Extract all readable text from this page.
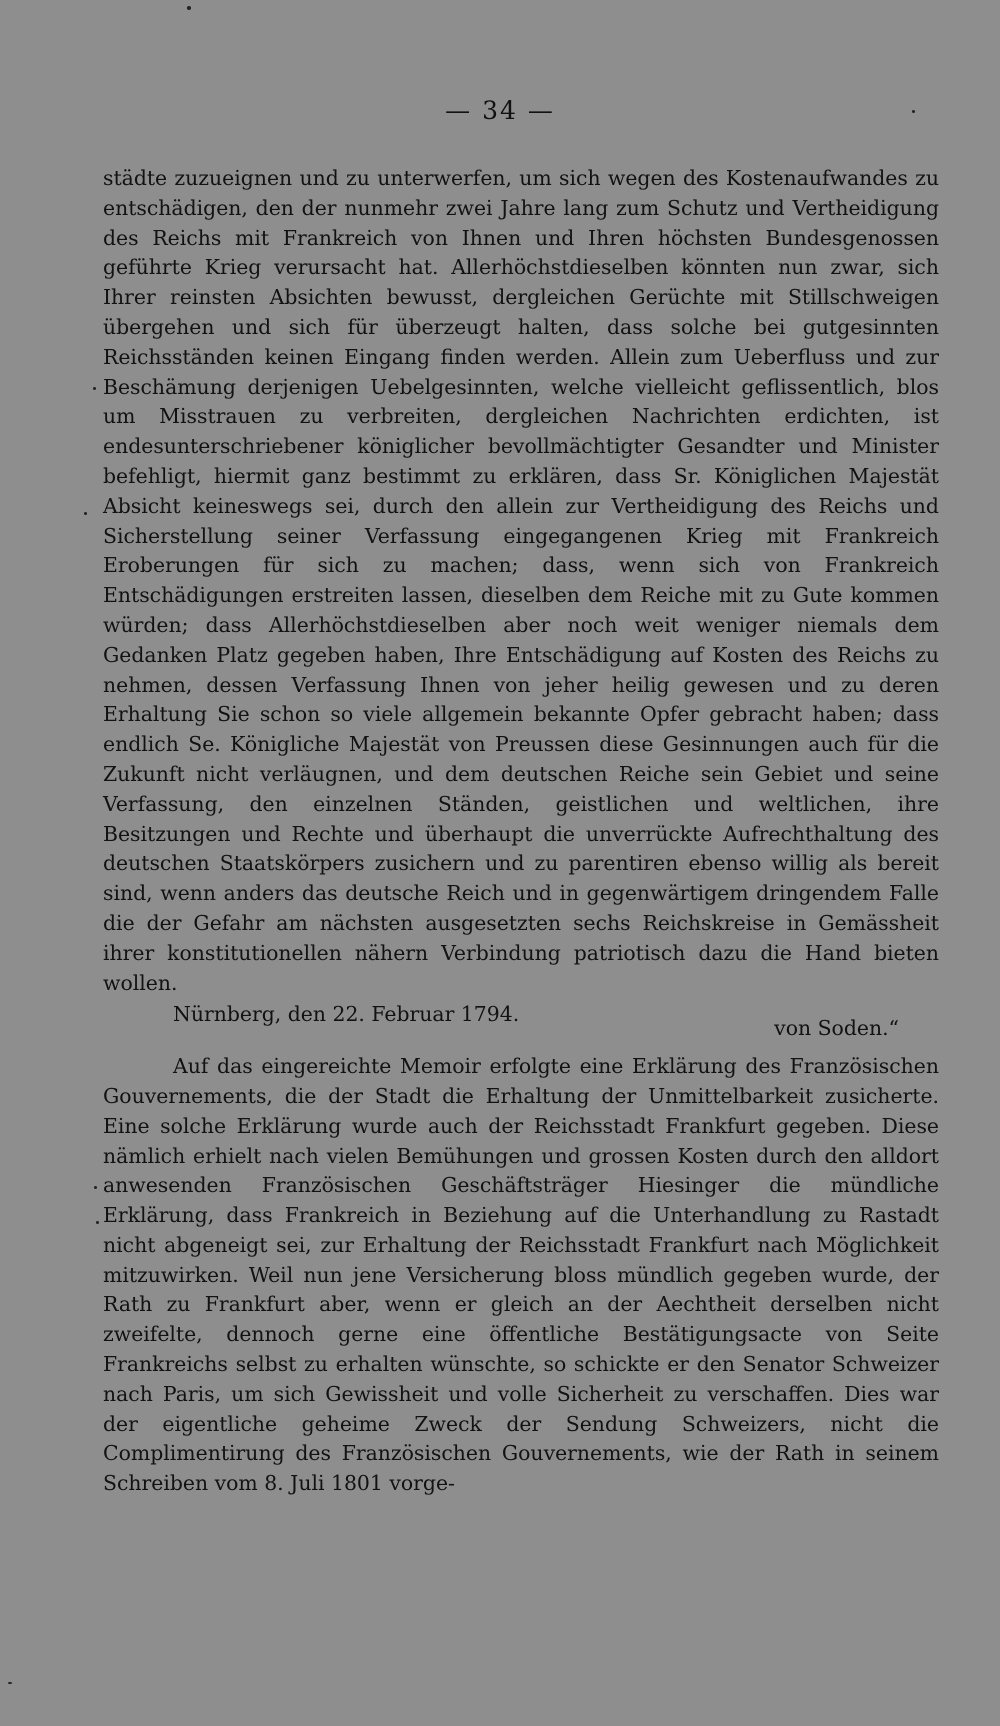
— 34 —

städte zuzueignen und zu unterwerfen, um sich wegen des Kostenaufwandes zu entschädigen, den der nunmehr zwei Jahre lang zum Schutz und Vertheidigung des Reichs mit Frankreich von Ihnen und Ihren höchsten Bundesgenossen geführte Krieg verursacht hat. Allerhöchstdieselben könnten nun zwar, sich Ihrer reinsten Absichten bewusst, dergleichen Gerüchte mit Stillschweigen übergehen und sich für überzeugt halten, dass solche bei gutgesinnten Reichsständen keinen Eingang finden werden. Allein zum Ueberfluss und zur Beschämung derjenigen Uebelgesinnten, welche vielleicht geflissentlich, blos um Misstrauen zu verbreiten, dergleichen Nachrichten erdichten, ist endesunterschriebener königlicher bevollmächtigter Gesandter und Minister befehligt, hiermit ganz bestimmt zu erklären, dass Sr. Königlichen Majestät Absicht keineswegs sei, durch den allein zur Vertheidigung des Reichs und Sicherstellung seiner Verfassung eingegangenen Krieg mit Frankreich Eroberungen für sich zu machen; dass, wenn sich von Frankreich Entschädigungen erstreiten lassen, dieselben dem Reiche mit zu Gute kommen würden; dass Allerhöchstdieselben aber noch weit weniger niemals dem Gedanken Platz gegeben haben, Ihre Entschädigung auf Kosten des Reichs zu nehmen, dessen Verfassung Ihnen von jeher heilig gewesen und zu deren Erhaltung Sie schon so viele allgemein bekannte Opfer gebracht haben; dass endlich Se. Königliche Majestät von Preussen diese Gesinnungen auch für die Zukunft nicht verläugnen, und dem deutschen Reiche sein Gebiet und seine Verfassung, den einzelnen Ständen, geistlichen und weltlichen, ihre Besitzungen und Rechte und überhaupt die unverrückte Aufrechthaltung des deutschen Staatskörpers zusichern und zu parentiren ebenso willig als bereit sind, wenn anders das deutsche Reich und in gegenwärtigem dringendem Falle die der Gefahr am nächsten ausgesetzten sechs Reichskreise in Gemässheit ihrer konstitutionellen nähern Verbindung patriotisch dazu die Hand bieten wollen.

Nürnberg, den 22. Februar 1794.
von Soden.“

Auf das eingereichte Memoir erfolgte eine Erklärung des Französischen Gouvernements, die der Stadt die Erhaltung der Unmittelbarkeit zusicherte. Eine solche Erklärung wurde auch der Reichsstadt Frankfurt gegeben. Diese nämlich erhielt nach vielen Bemühungen und grossen Kosten durch den alldort anwesenden Französischen Geschäftsträger Hiesinger die mündliche Erklärung, dass Frankreich in Beziehung auf die Unterhandlung zu Rastadt nicht abgeneigt sei, zur Erhaltung der Reichsstadt Frankfurt nach Möglichkeit mitzuwirken. Weil nun jene Versicherung bloss mündlich gegeben wurde, der Rath zu Frankfurt aber, wenn er gleich an der Aechtheit derselben nicht zweifelte, dennoch gerne eine öffentliche Bestätigungsacte von Seite Frankreichs selbst zu erhalten wünschte, so schickte er den Senator Schweizer nach Paris, um sich Gewissheit und volle Sicherheit zu verschaffen. Dies war der eigentliche geheime Zweck der Sendung Schweizers, nicht die Complimentirung des Französischen Gouvernements, wie der Rath in seinem Schreiben vom 8. Juli 1801 vorge-
